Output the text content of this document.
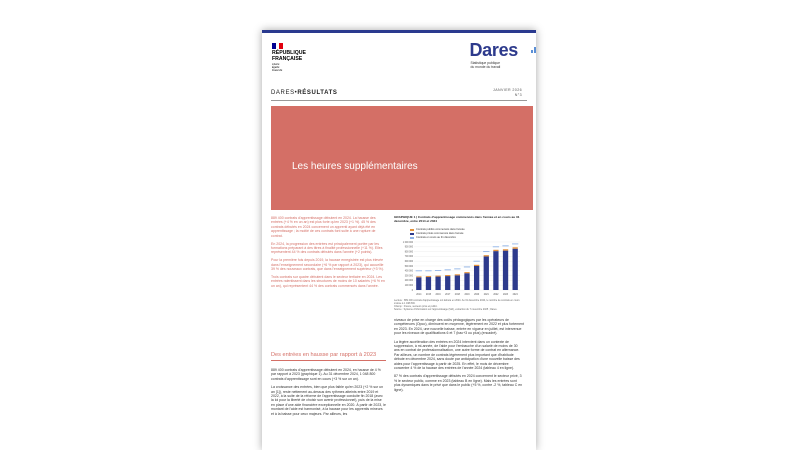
RÉPUBLIQUE
FRANÇAISE
Liberté
Égalité
Fraternité
Dares
Statistique publique
du monde du travail
DARES•RÉSULTATS	JANVIER 2026
N°3
Les heures supplémentaires

889 400 contrats d'apprentissage débutent en 2024. La hausse des entrées (+4 % en un an) est plus forte qu'en 2023 (+1 %). 45 % des contrats débutés en 2024 concernent un apprenti ayant déjà été en apprentissage ; la moitié de ces contrats font suite à une rupture de contrat.

En 2024, la progression des entrées est principalement portée par les formations préparant à des titres à finalité professionnelle (+11 %). Elles représentent 44 % des contrats débutés dans l'année (+2 points).

Pour la première fois depuis 2019, la hausse enregistrée est plus élevée dans l'enseignement secondaire (+6 % par rapport à 2023), qui accueille 39 % des nouveaux contrats, que dans l'enseignement supérieur (+3 %).

Trois contrats sur quatre débutent dans le secteur tertiaire en 2024. Les entrées ralentissent dans les structures de moins de 10 salariés (+6 % en un an), qui représentent 44 % des contrats commencés dans l'année.

GRAPHIQUE 1 | Contrats d'apprentissage commencés dans l'année et en cours au 31 décembre, entre 2014 et 2024
Contrats publics commencés dans l'année
Contrats privés commencés dans l'année
Contrats en cours au 31 décembre
0
100 000
200 000
300 000
400 000
500 000
600 000
700 000
800 000
900 000
1 000 000
2014	2015	2016	2017	2018	2019	2020	2021	2022	2023	2024
Lecture : 889 400 contrats d'apprentissage ont débuté en 2024. Au 31 décembre 2024, le nombre de contrats en cours s'élève à 1 048 800.
Champ : France, secteurs privé et public.
Source : Système d'information sur l'apprentissage (SIA), extraction du 7 novembre 2025 ; Dares.
Des entrées en hausse par rapport à 2023

889 400 contrats d'apprentissage débutent en 2024, en hausse de 4 % par rapport à 2023 (graphique 1). Au 31 décembre 2024, 1 048 800 contrats d'apprentissage sont en cours (+3 % sur un an).

La croissance des entrées, bien que plus faible qu'en 2023 (+2 % sur un an [1]), reste nettement au-dessus des rythmes atteints entre 2019 et 2022, à la suite de la réforme de l'apprentissage conduite fin 2018 (avec la loi pour la liberté de choisir son avenir professionnel), puis de la mise en place d'une aide financière exceptionnelle en 2020. À partir de 2023, le montant de l'aide est harmonisé, à la hausse pour les apprentis mineurs et à la baisse pour ceux majeurs. Par ailleurs, les

niveaux de prise en charge des coûts pédagogiques par les opérateurs de compétences (Opco), diminuent en moyenne, légèrement en 2022 et plus fortement en 2023. En 2024, une nouvelle baisse, entrée en vigueur en juillet, est intervenue pour les niveaux de qualifications 6 et 7 (bac+3 ou plus) (encadré).

La légère accélération des entrées en 2024 intervient dans un contexte de suppression, à mi-année, de l'aide pour l'embauche d'un salarié de moins de 30 ans en contrat de professionnalisation, une autre forme de contrat en alternance. Par ailleurs, un nombre de contrats légèrement plus important que d'habitude débute en décembre 2024, sans doute par anticipation d'une nouvelle baisse des aides pour l'apprentissage à partir de 2025. En effet, le mois de décembre concentre 4 % de la hausse des entrées de l'année 2024 (tableau 4 en ligne).

87 % des contrats d'apprentissage débutés en 2024 concernent le secteur privé, 3 % le secteur public, comme en 2023 (tableau B en ligne). Mais les entrées sont plus dynamiques dans le privé que dans le public (+5 %, contre -2 %, tableau C en ligne).
